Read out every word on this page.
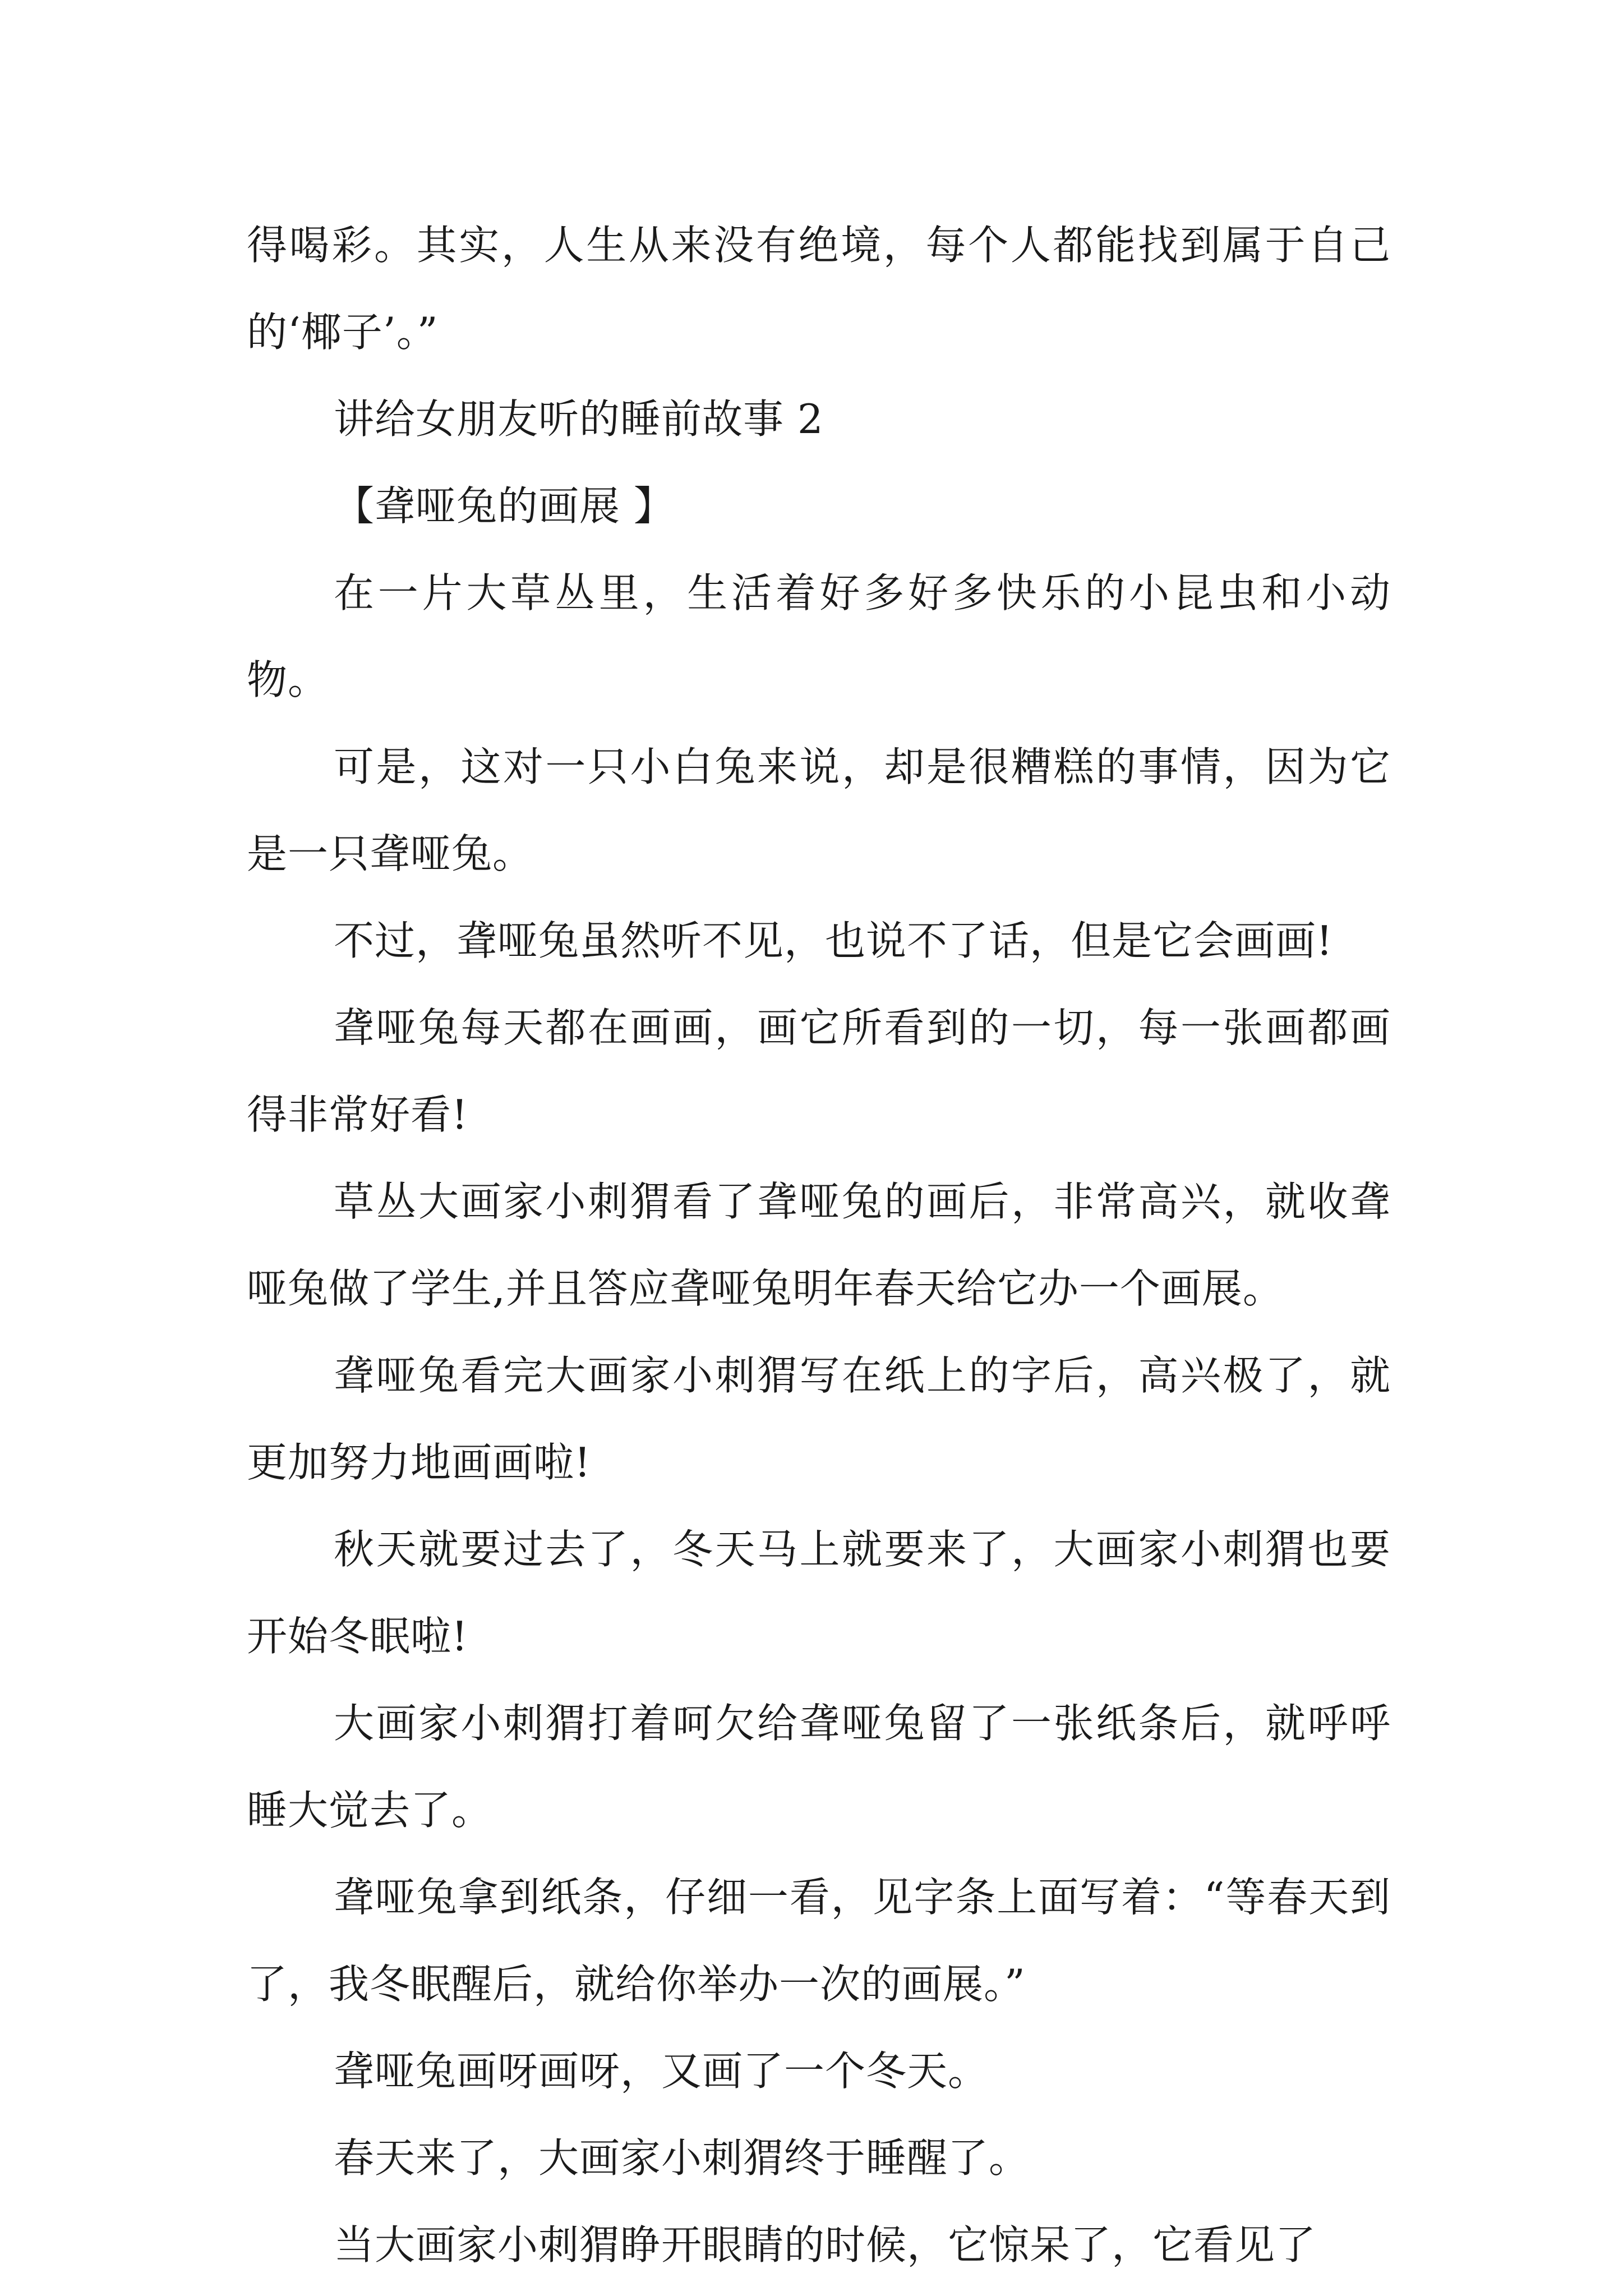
得喝彩。其实，人生从来没有绝境，每个人都能找到属于自己的‘椰子’。”

讲给女朋友听的睡前故事 2

【聋哑兔的画展 】

在一片大草丛里，生活着好多好多快乐的小昆虫和小动物。

可是，这对一只小白兔来说，却是很糟糕的事情，因为它是一只聋哑兔。

不过，聋哑兔虽然听不见，也说不了话，但是它会画画!

聋哑兔每天都在画画，画它所看到的一切，每一张画都画得非常好看!

草丛大画家小刺猬看了聋哑兔的画后，非常高兴，就收聋哑兔做了学生,并且答应聋哑兔明年春天给它办一个画展。

聋哑兔看完大画家小刺猬写在纸上的字后，高兴极了，就更加努力地画画啦!

秋天就要过去了，冬天马上就要来了，大画家小刺猬也要开始冬眠啦!

大画家小刺猬打着呵欠给聋哑兔留了一张纸条后，就呼呼睡大觉去了。

聋哑兔拿到纸条，仔细一看，见字条上面写着：“等春天到了，我冬眠醒后，就给你举办一次的画展。”

聋哑兔画呀画呀，又画了一个冬天。

春天来了，大画家小刺猬终于睡醒了。

当大画家小刺猬睁开眼睛的时候，它惊呆了，它看见了
